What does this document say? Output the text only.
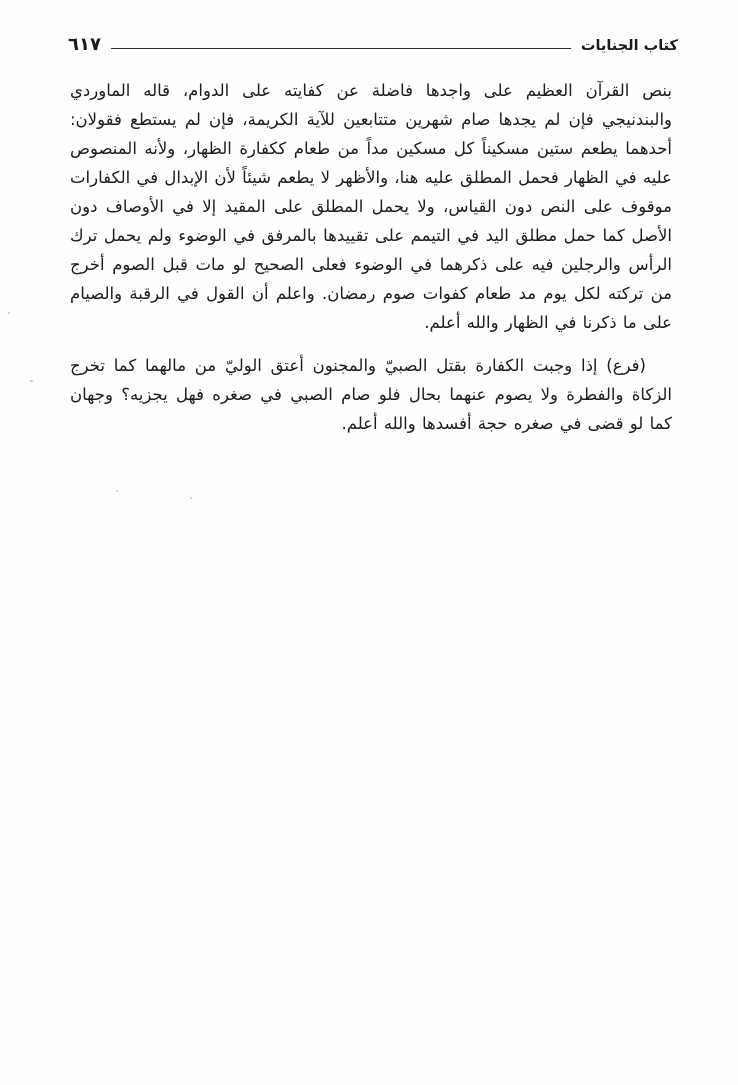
٦١٧	كتاب الجنايات

بنص القرآن العظيم على واجدها فاضلة عن كفايته على الدوام، قاله الماوردي والبندنيجي فإن لم يجدها صام شهرين متتابعين للآية الكريمة، فإن لم يستطع فقولان: أحدهما يطعم ستين مسكيناً كل مسكين مداً من طعام ككفارة الظهار، ولأنه المنصوص عليه في الظهار فحمل المطلق عليه هنا، والأظهر لا يطعم شيئاً لأن الإبدال في الكفارات موقوف على النص دون القياس، ولا يحمل المطلق على المقيد إلا في الأوصاف دون الأصل كما حمل مطلق اليد في التيمم على تقييدها بالمرفق في الوضوء ولم يحمل ترك الرأس والرجلين فيه على ذكرهما في الوضوء فعلى الصحيح لو مات قبل الصوم أخرج من تركته لكل يوم مد طعام كفوات صوم رمضان. واعلم أن القول في الرقبة والصيام على ما ذكرنا في الظهار والله أعلم.

(فرع) إذا وجبت الكفارة بقتل الصبيّ والمجنون أعتق الوليّ من مالهما كما تخرج الزكاة والفطرة ولا يصوم عنهما بحال فلو صام الصبي في صغره فهل يجزيه؟ وجهان كما لو قضى في صغره حجة أفسدها والله أعلم.
